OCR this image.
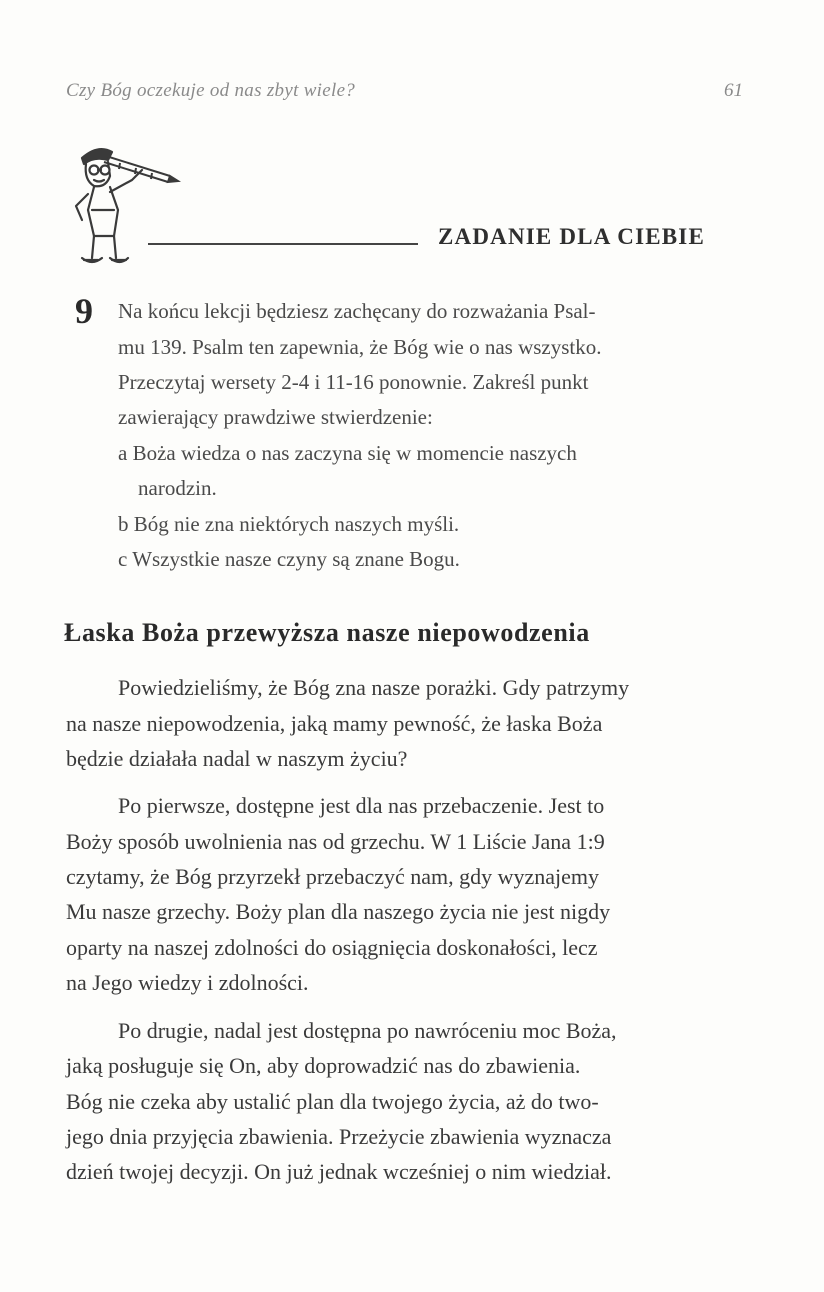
Czy Bóg oczekuje od nas zbyt wiele?	61
ZADANIE DLA CIEBIE
9 Na końcu lekcji będziesz zachęcany do rozważania Psal-
mu 139. Psalm ten zapewnia, że Bóg wie o nas wszystko.
Przeczytaj wersety 2-4 i 11-16 ponownie. Zakreśl punkt
zawierający prawdziwe stwierdzenie:
a Boża wiedza o nas zaczyna się w momencie naszych
narodzin.
b Bóg nie zna niektórych naszych myśli.
c Wszystkie nasze czyny są znane Bogu.
Łaska Boża przewyższa nasze niepowodzenia
Powiedzieliśmy, że Bóg zna nasze porażki. Gdy patrzymy
na nasze niepowodzenia, jaką mamy pewność, że łaska Boża
będzie działała nadal w naszym życiu?
Po pierwsze, dostępne jest dla nas przebaczenie. Jest to
Boży sposób uwolnienia nas od grzechu. W 1 Liście Jana 1:9
czytamy, że Bóg przyrzekł przebaczyć nam, gdy wyznajemy
Mu nasze grzechy. Boży plan dla naszego życia nie jest nigdy
oparty na naszej zdolności do osiągnięcia doskonałości, lecz
na Jego wiedzy i zdolności.
Po drugie, nadal jest dostępna po nawróceniu moc Boża,
jaką posługuje się On, aby doprowadzić nas do zbawienia.
Bóg nie czeka aby ustalić plan dla twojego życia, aż do two-
jego dnia przyjęcia zbawienia. Przeżycie zbawienia wyznacza
dzień twojej decyzji. On już jednak wcześniej o nim wiedział.
